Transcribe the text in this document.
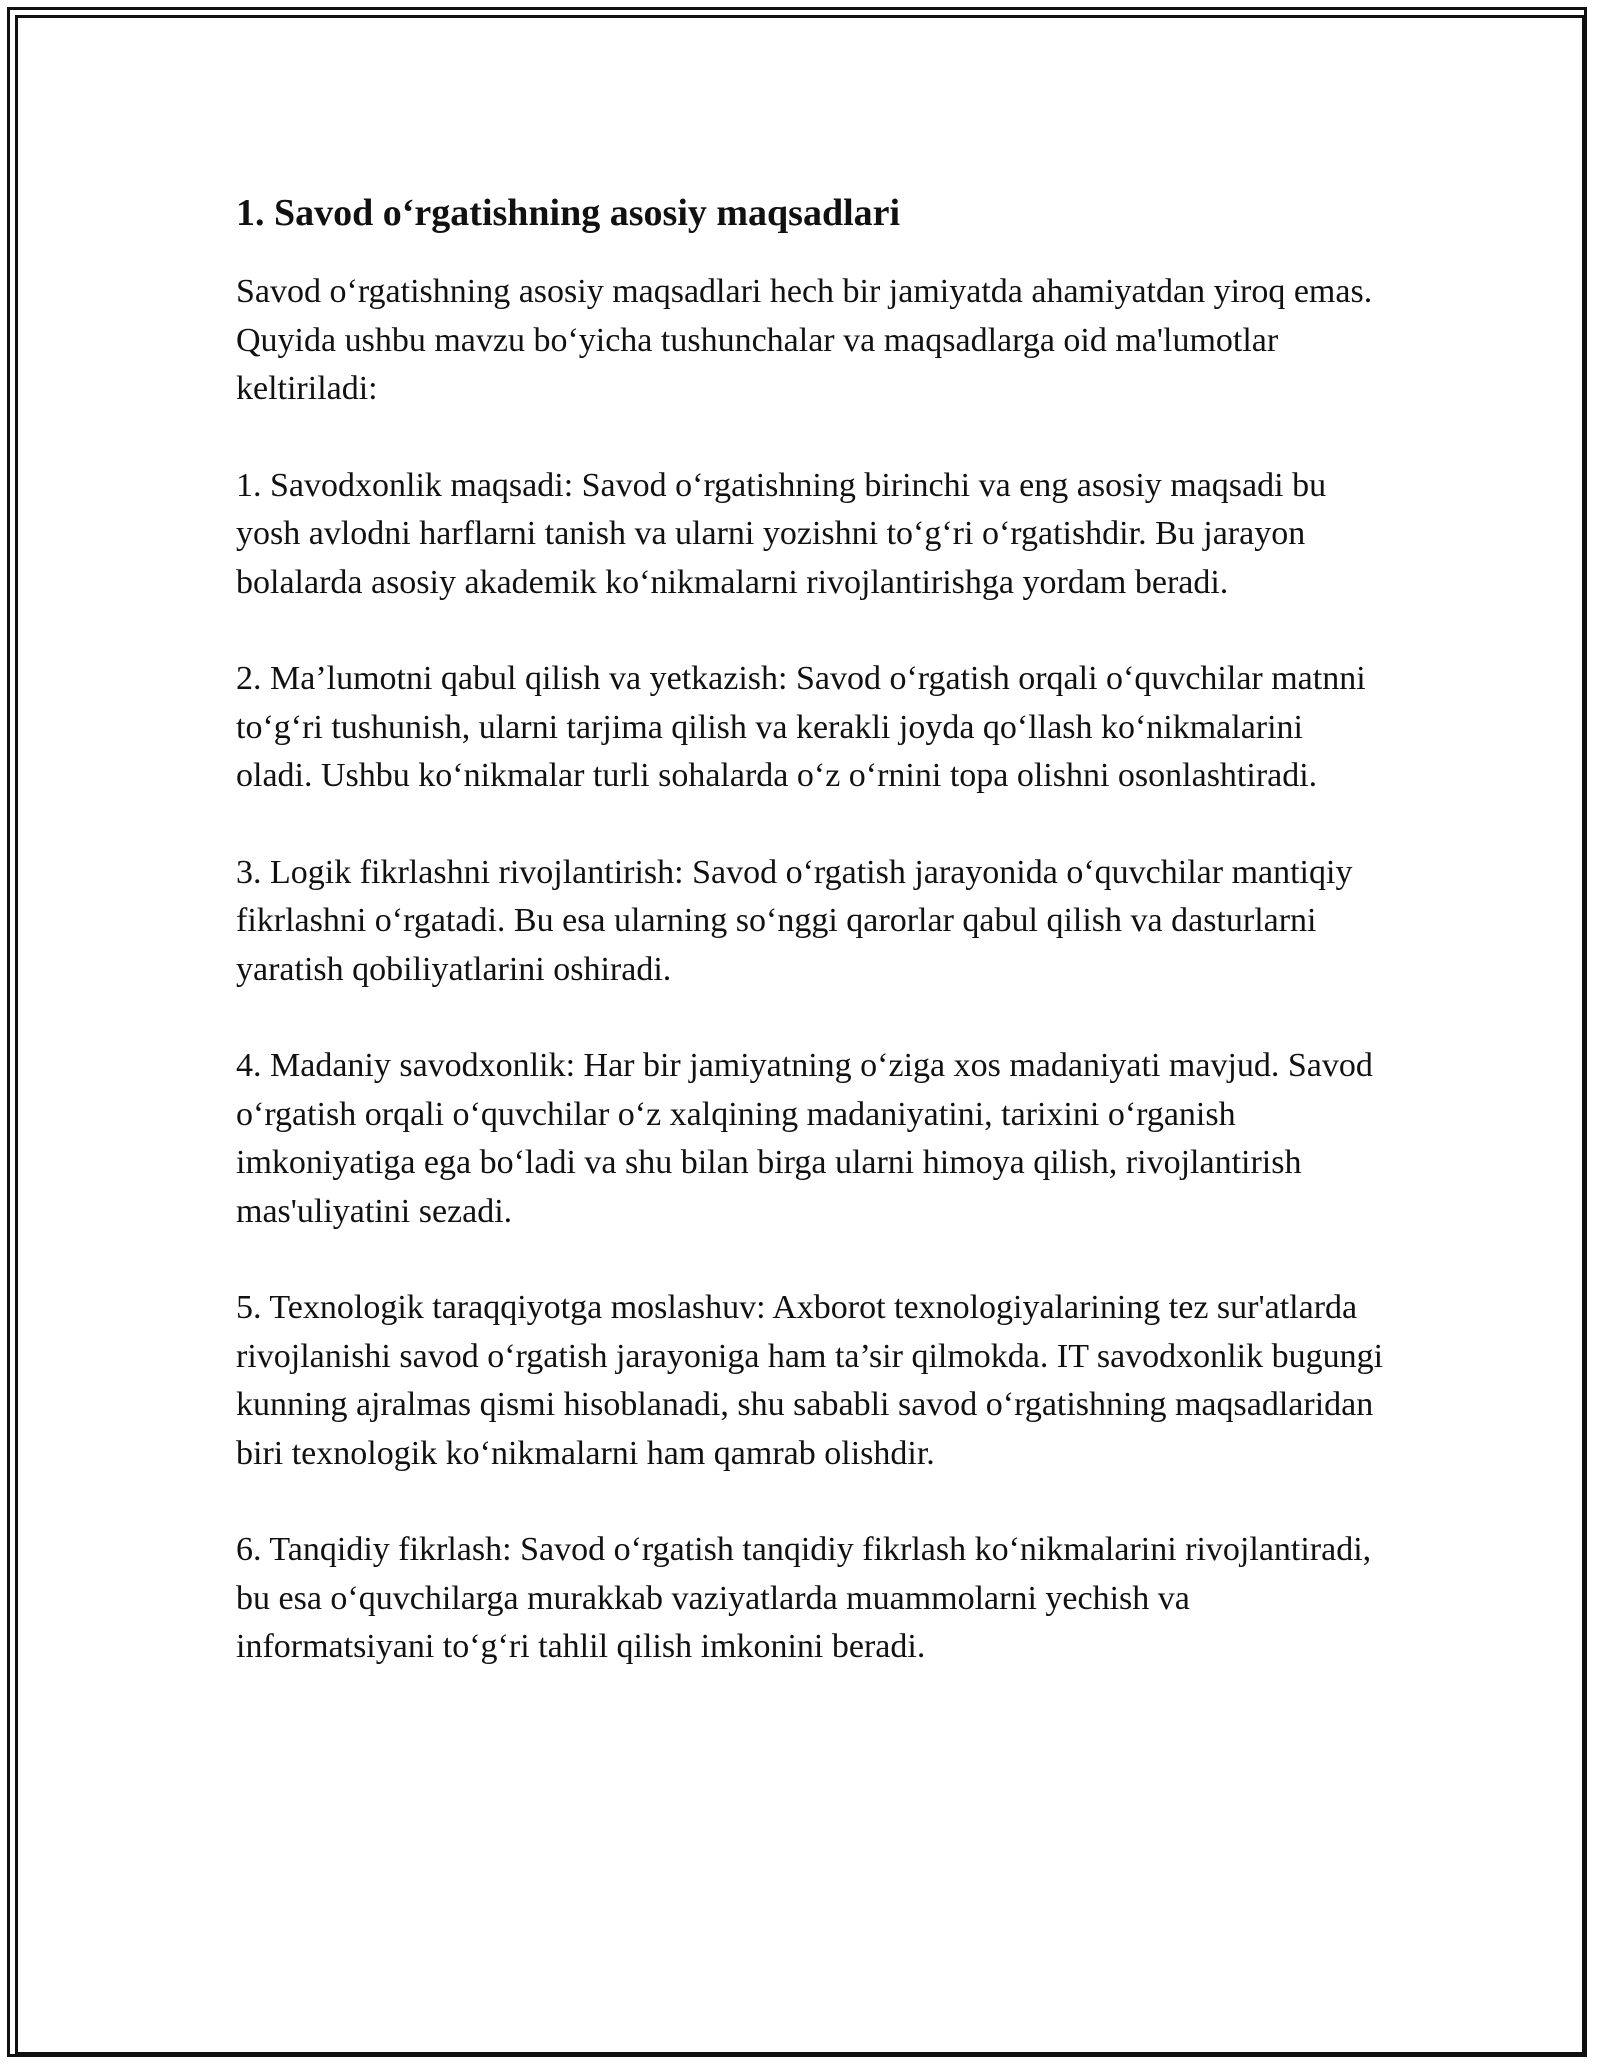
1. Savod o‘rgatishning asosiy maqsadlari

Savod o‘rgatishning asosiy maqsadlari hech bir jamiyatda ahamiyatdan yiroq emas. Quyida ushbu mavzu bo‘yicha tushunchalar va maqsadlarga oid ma'lumotlar keltiriladi:

1. Savodxonlik maqsadi: Savod o‘rgatishning birinchi va eng asosiy maqsadi bu yosh avlodni harflarni tanish va ularni yozishni to‘g‘ri o‘rgatishdir. Bu jarayon bolalarda asosiy akademik ko‘nikmalarni rivojlantirishga yordam beradi.

2. Ma’lumotni qabul qilish va yetkazish: Savod o‘rgatish orqali o‘quvchilar matnni to‘g‘ri tushunish, ularni tarjima qilish va kerakli joyda qo‘llash ko‘nikmalarini oladi. Ushbu ko‘nikmalar turli sohalarda o‘z o‘rnini topa olishni osonlashtiradi.

3. Logik fikrlashni rivojlantirish: Savod o‘rgatish jarayonida o‘quvchilar mantiqiy fikrlashni o‘rgatadi. Bu esa ularning so‘nggi qarorlar qabul qilish va dasturlarni yaratish qobiliyatlarini oshiradi.

4. Madaniy savodxonlik: Har bir jamiyatning o‘ziga xos madaniyati mavjud. Savod o‘rgatish orqali o‘quvchilar o‘z xalqining madaniyatini, tarixini o‘rganish imkoniyatiga ega bo‘ladi va shu bilan birga ularni himoya qilish, rivojlantirish mas'uliyatini sezadi.

5. Texnologik taraqqiyotga moslashuv: Axborot texnologiyalarining tez sur'atlarda rivojlanishi savod o‘rgatish jarayoniga ham ta’sir qilmokda. IT savodxonlik bugungi kunning ajralmas qismi hisoblanadi, shu sababli savod o‘rgatishning maqsadlaridan biri texnologik ko‘nikmalarni ham qamrab olishdir.

6. Tanqidiy fikrlash: Savod o‘rgatish tanqidiy fikrlash ko‘nikmalarini rivojlantiradi, bu esa o‘quvchilarga murakkab vaziyatlarda muammolarni yechish va informatsiyani to‘g‘ri tahlil qilish imkonini beradi.
